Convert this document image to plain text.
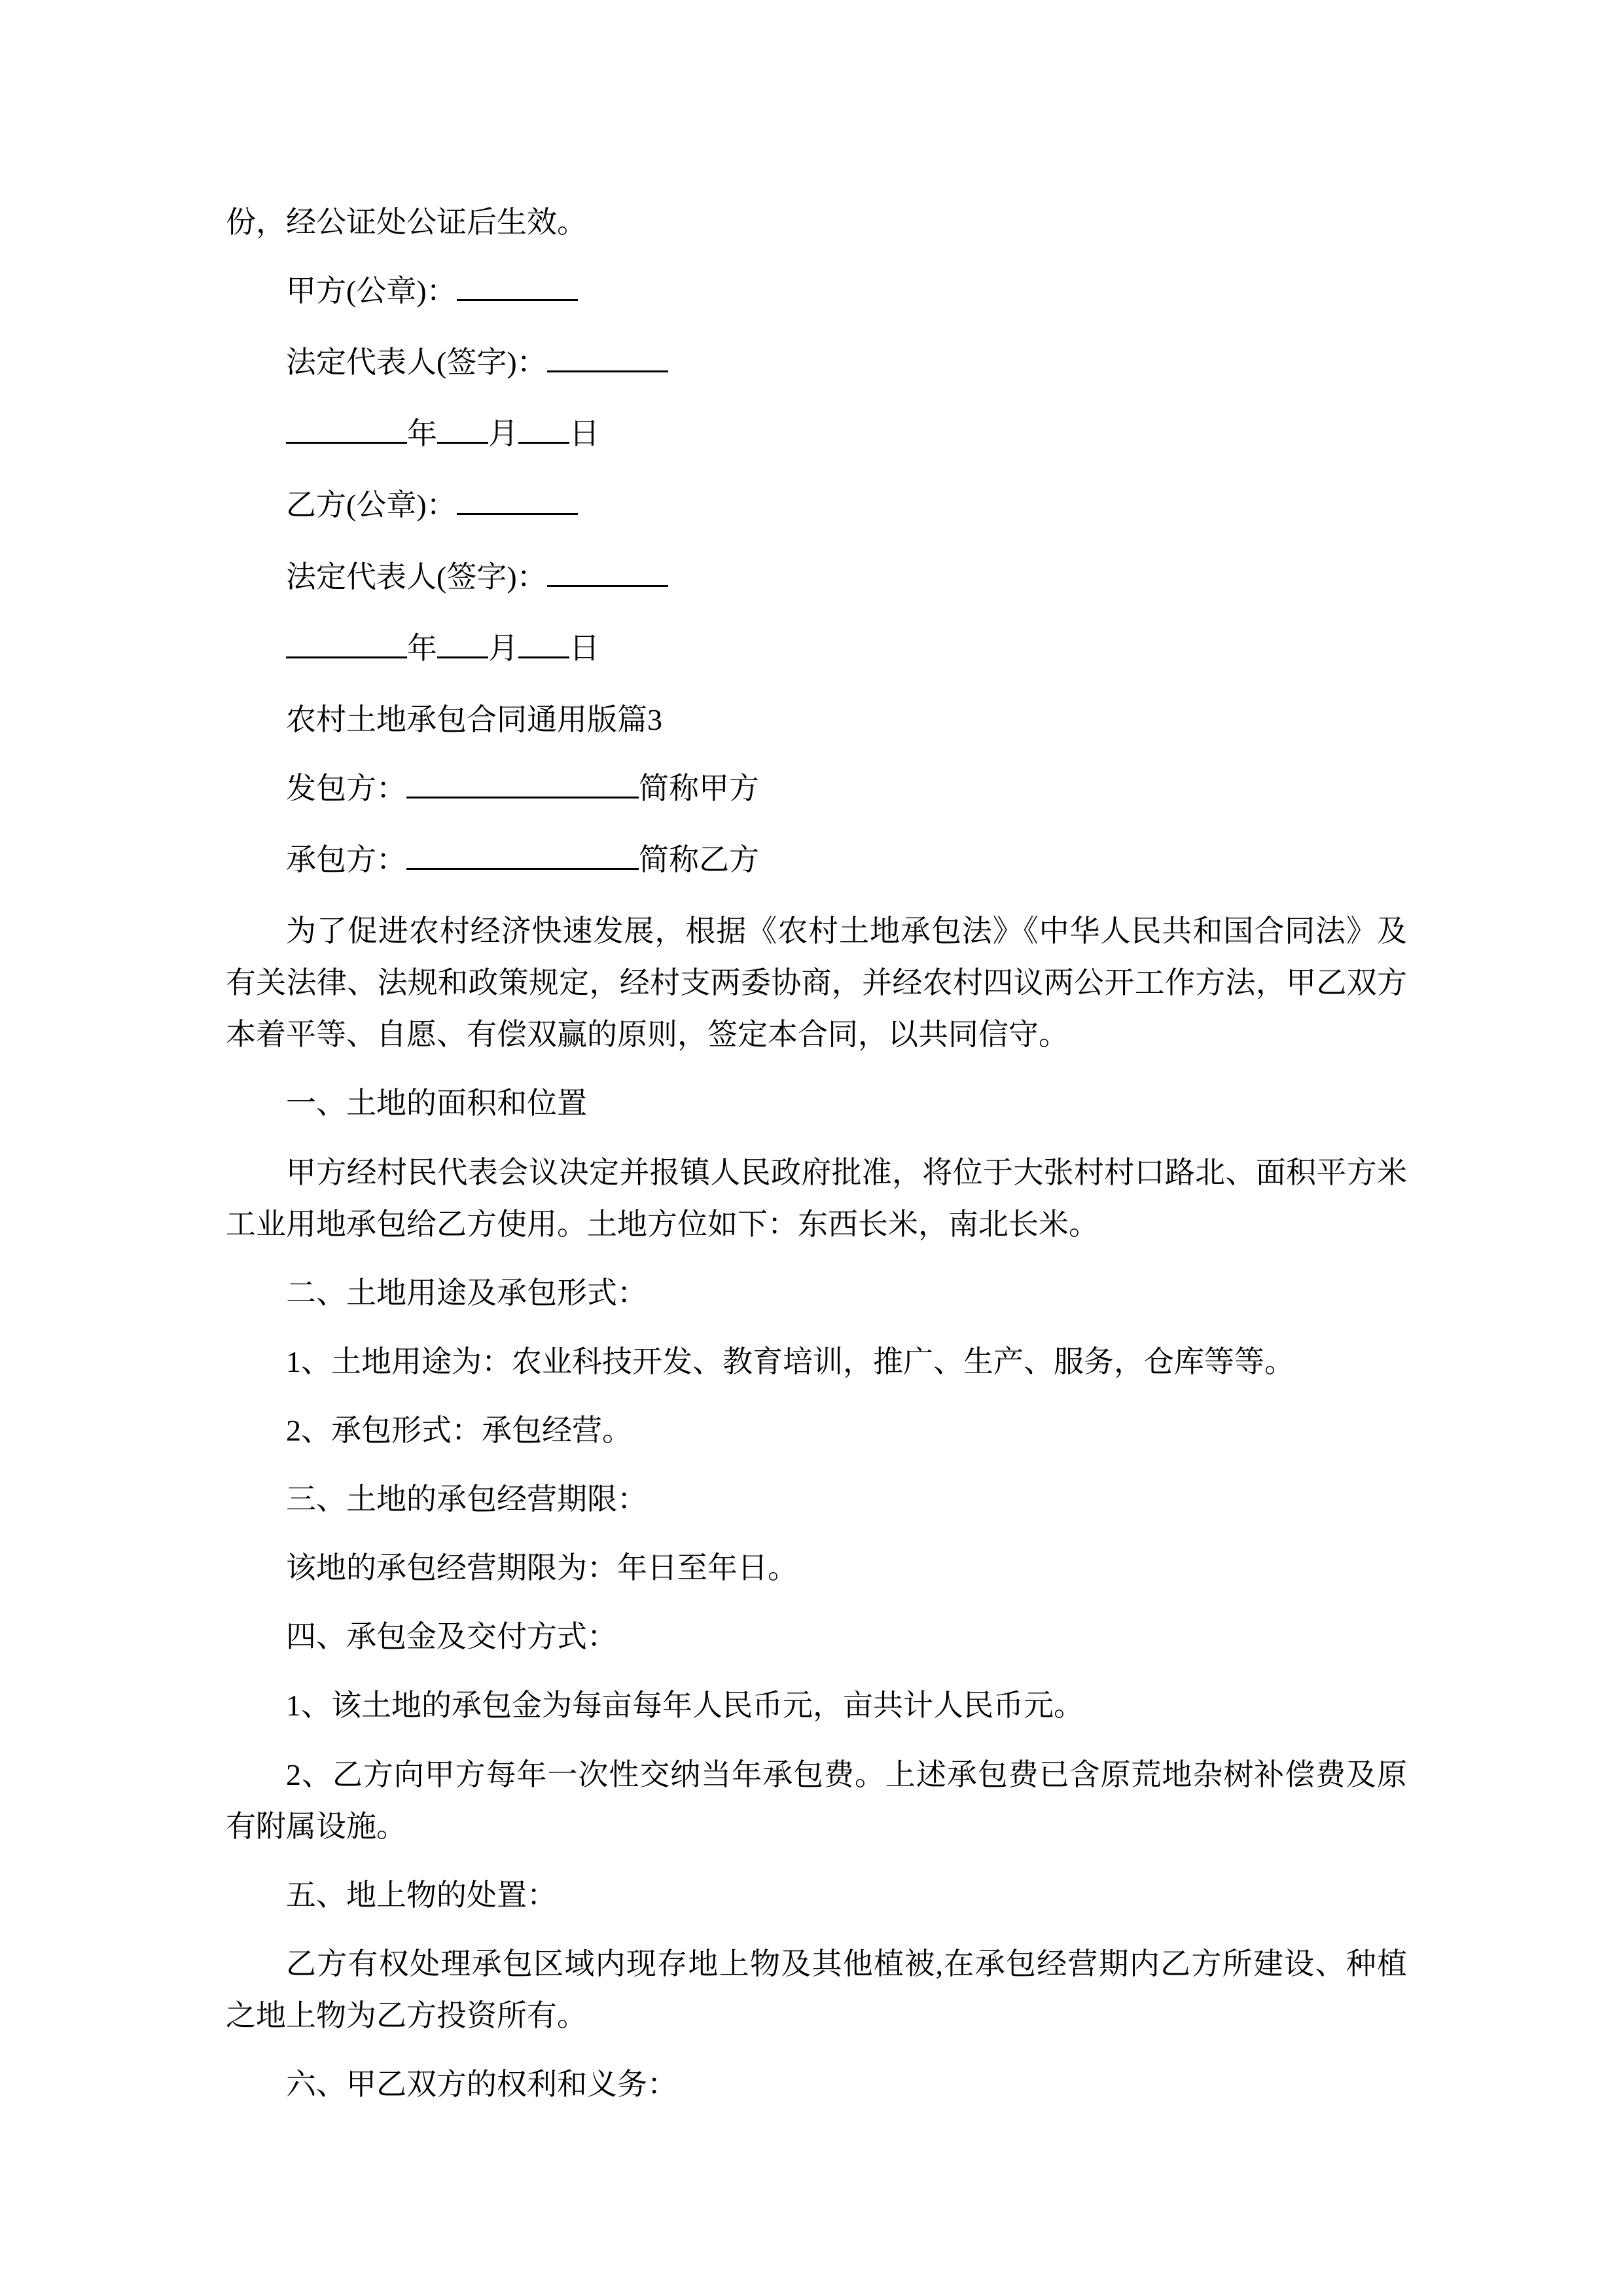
份，经公证处公证后生效。

甲方(公章)：

法定代表人(签字)：

年 月 日

乙方(公章)：

法定代表人(签字)：

年 月 日

农村土地承包合同通用版篇3

发包方：	简称甲方

承包方：	简称乙方

为了促进农村经济快速发展，根据《农村土地承包法》《中华人民共和国合同法》及有关法律、法规和政策规定，经村支两委协商，并经农村四议两公开工作方法，甲乙双方本着平等、自愿、有偿双赢的原则，签定本合同，以共同信守。

一、土地的面积和位置

甲方经村民代表会议决定并报镇人民政府批准，将位于大张村村口路北、面积平方米工业用地承包给乙方使用。土地方位如下：东西长米，南北长米。

二、土地用途及承包形式：

1、土地用途为：农业科技开发、教育培训，推广、生产、服务，仓库等等。

2、承包形式：承包经营。

三、土地的承包经营期限：

该地的承包经营期限为：年日至年日。

四、承包金及交付方式：

1、该土地的承包金为每亩每年人民币元，亩共计人民币元。

2、乙方向甲方每年一次性交纳当年承包费。上述承包费已含原荒地杂树补偿费及原有附属设施。

五、地上物的处置：

乙方有权处理承包区域内现存地上物及其他植被,在承包经营期内乙方所建设、种植之地上物为乙方投资所有。

六、甲乙双方的权利和义务：
